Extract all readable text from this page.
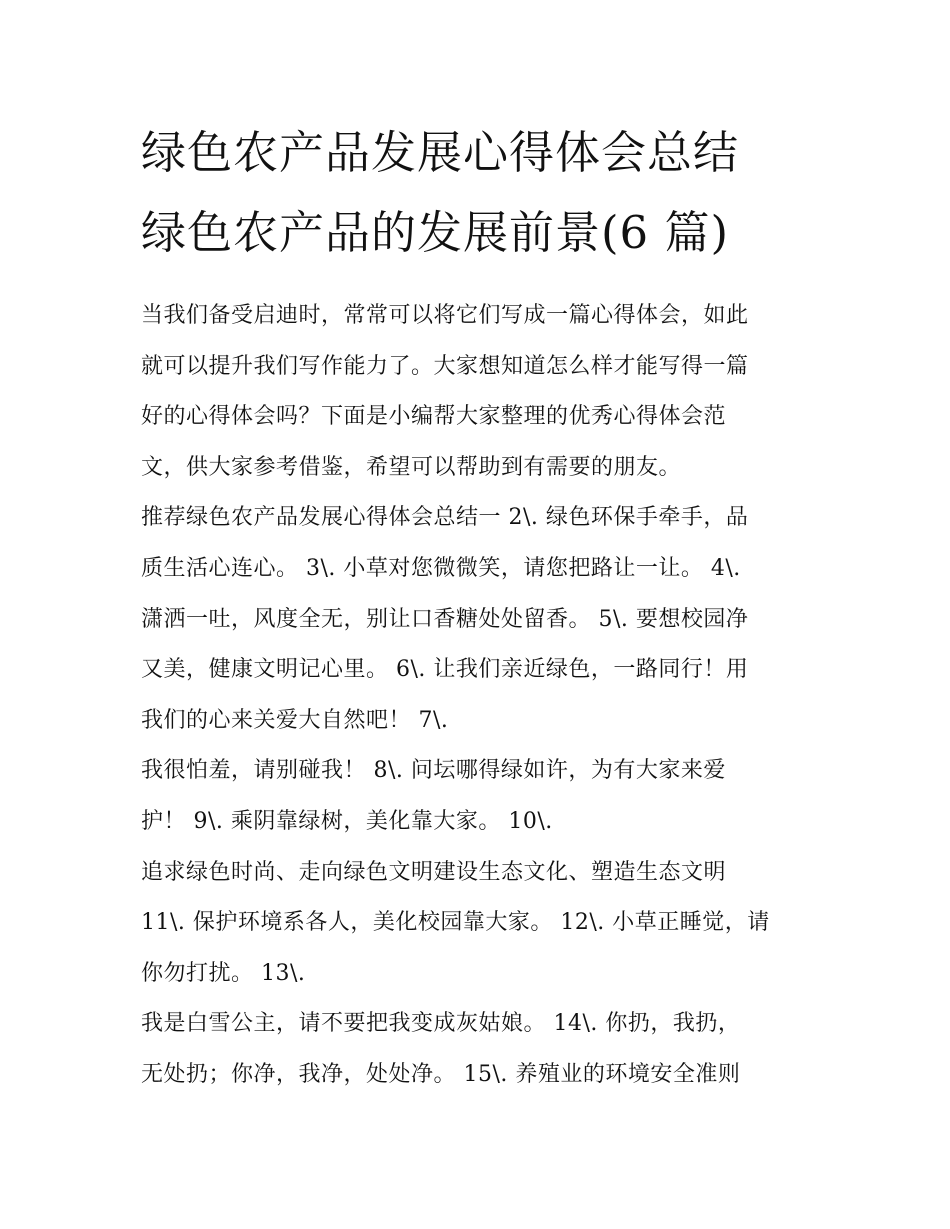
绿色农产品发展心得体会总结
绿色农产品的发展前景(6 篇)
当我们备受启迪时，常常可以将它们写成一篇心得体会，如此
就可以提升我们写作能力了。大家想知道怎么样才能写得一篇
好的心得体会吗？下面是小编帮大家整理的优秀心得体会范
文，供大家参考借鉴，希望可以帮助到有需要的朋友。
推荐绿色农产品发展心得体会总结一 2\. 绿色环保手牵手，品
质生活心连心。 3\. 小草对您微微笑，请您把路让一让。 4\.
潇洒一吐，风度全无，别让口香糖处处留香。 5\. 要想校园净
又美，健康文明记心里。 6\. 让我们亲近绿色，一路同行！用
我们的心来关爱大自然吧！ 7\.
我很怕羞，请别碰我！ 8\. 问坛哪得绿如许，为有大家来爱
护！ 9\. 乘阴靠绿树，美化靠大家。 10\.
追求绿色时尚、走向绿色文明建设生态文化、塑造生态文明
11\. 保护环境系各人，美化校园靠大家。 12\. 小草正睡觉，请
你勿打扰。 13\.
我是白雪公主，请不要把我变成灰姑娘。 14\. 你扔，我扔，
无处扔；你净，我净，处处净。 15\. 养殖业的环境安全准则
